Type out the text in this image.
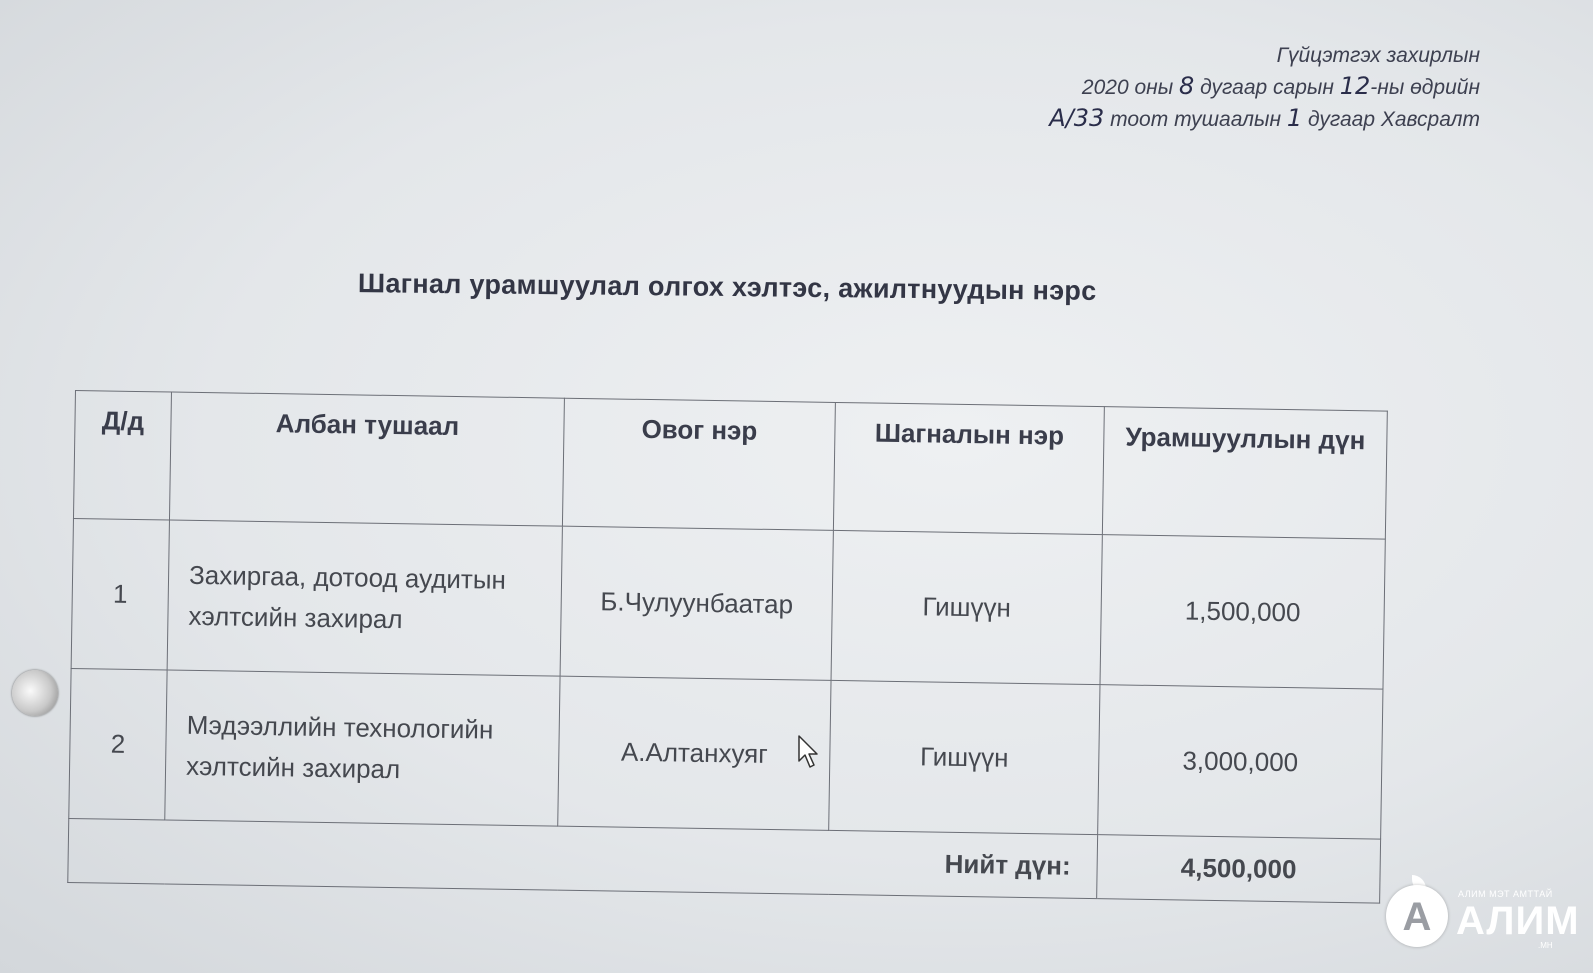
Гүйцэтгэх захирлын
2020 оны 8 дугаар сарын 12-ны өдрийн
А/33 тоот тушаалын 1 дугаар Хавсралт
Шагнал урамшуулал олгох хэлтэс, ажилтнуудын нэрс
Д/д	Албан тушаал	Овог нэр	Шагналын нэр	Урамшууллын дүн
1	Захиргаа, дотоод аудитын хэлтсийн захирал	Б.Чулуунбаатар	Гишүүн	1,500,000
2	Мэдээллийн технологийн хэлтсийн захирал	А.Алтанхуяг	Гишүүн	3,000,000
			Нийт дүн:	4,500,000
А
АЛИМ МЭТ АМТТАЙ
АЛИМ
.МН
